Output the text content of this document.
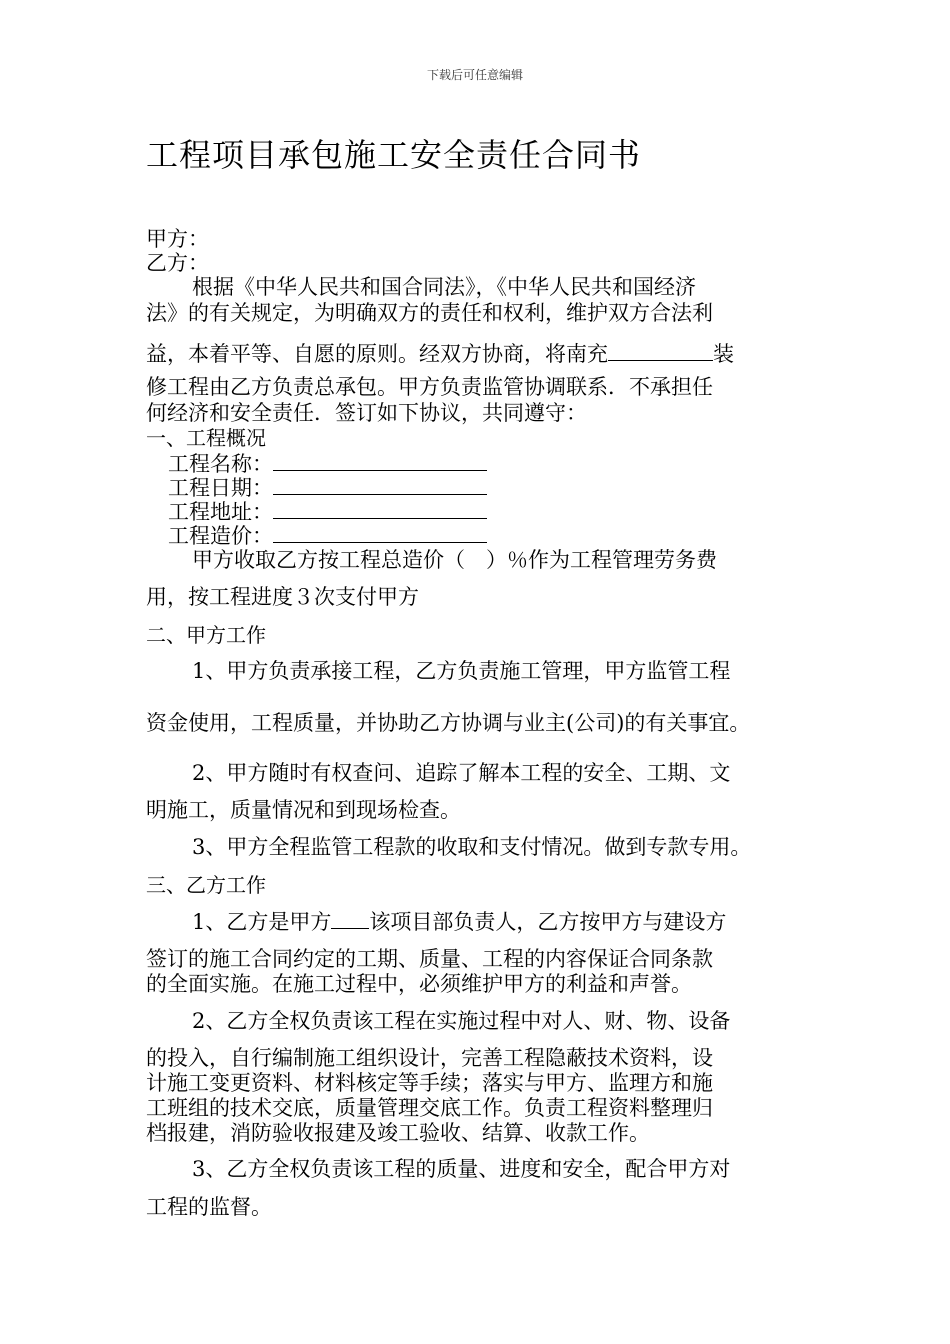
下载后可任意编辑
工程项目承包施工安全责任合同书
甲方：
乙方：
根据《中华人民共和国合同法》，《中华人民共和国经济
法》的有关规定，为明确双方的责任和权利，维护双方合法利
益，本着平等、自愿的原则。经双方协商，将南充	装
修工程由乙方负责总承包。甲方负责监管协调联系．不承担任
何经济和安全责任．签订如下协议，共同遵守：
一、工程概况
工程名称：
工程日期：
工程地址：
工程造价：
甲方收取乙方按工程总造价（　）％作为工程管理劳务费
用，按工程进度３次支付甲方
二、甲方工作
1、甲方负责承接工程，乙方负责施工管理，甲方监管工程
资金使用，工程质量，并协助乙方协调与业主(公司)的有关事宜。
2、甲方随时有权查问、追踪了解本工程的安全、工期、文
明施工，质量情况和到现场检查。
3、甲方全程监管工程款的收取和支付情况。做到专款专用。
三、乙方工作
1、乙方是甲方 该项目部负责人，乙方按甲方与建设方
签订的施工合同约定的工期、质量、工程的内容保证合同条款
的全面实施。在施工过程中，必须维护甲方的利益和声誉。
2、乙方全权负责该工程在实施过程中对人、财、物、设备
的投入，自行编制施工组织设计，完善工程隐蔽技术资料，设
计施工变更资料、材料核定等手续；落实与甲方、监理方和施
工班组的技术交底，质量管理交底工作。负责工程资料整理归
档报建，消防验收报建及竣工验收、结算、收款工作。
3、乙方全权负责该工程的质量、进度和安全，配合甲方对
工程的监督。
